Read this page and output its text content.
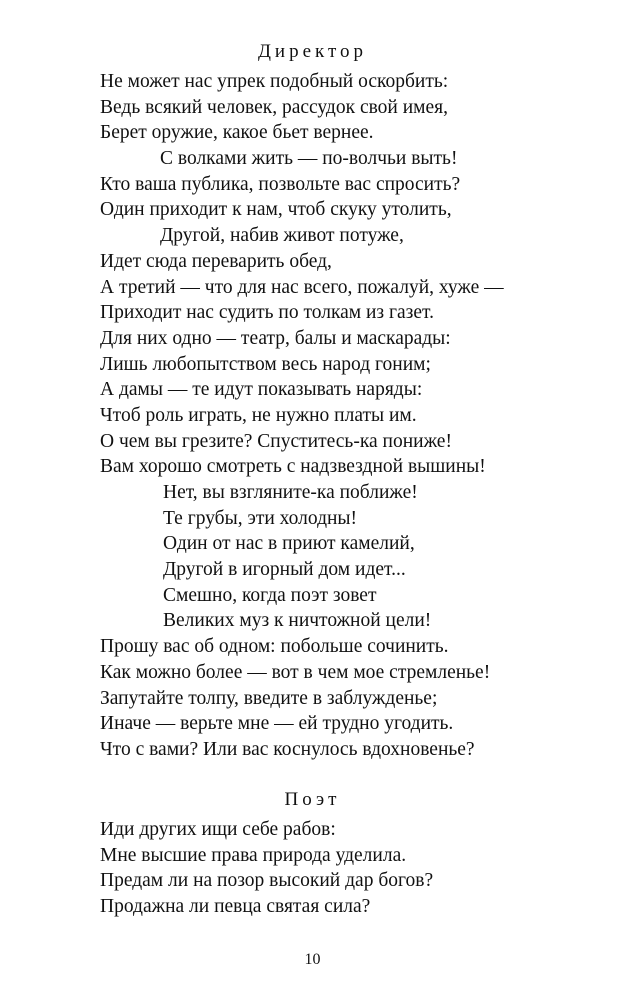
Директор
Не может нас упрек подобный оскорбить:
Ведь всякий человек, рассудок свой имея,
Берет оружие, какое бьет вернее.
С волками жить — по-волчьи выть!
Кто ваша публика, позвольте вас спросить?
Один приходит к нам, чтоб скуку утолить,
Другой, набив живот потуже,
Идет сюда переварить обед,
А третий — что для нас всего, пожалуй, хуже —
Приходит нас судить по толкам из газет.
Для них одно — театр, балы и маскарады:
Лишь любопытством весь народ гоним;
А дамы — те идут показывать наряды:
Чтоб роль играть, не нужно платы им.
О чем вы грезите? Спуститесь-ка пониже!
Вам хорошо смотреть с надзвездной вышины!
Нет, вы взгляните-ка поближе!
Те грубы, эти холодны!
Один от нас в приют камелий,
Другой в игорный дом идет...
Смешно, когда поэт зовет
Великих муз к ничтожной цели!
Прошу вас об одном: побольше сочинить.
Как можно более — вот в чем мое стремленье!
Запутайте толпу, введите в заблужденье;
Иначе — верьте мне — ей трудно угодить.
Что с вами? Или вас коснулось вдохновенье?
Поэт
Иди других ищи себе рабов:
Мне высшие права природа уделила.
Предам ли на позор высокий дар богов?
Продажна ли певца святая сила?
10
